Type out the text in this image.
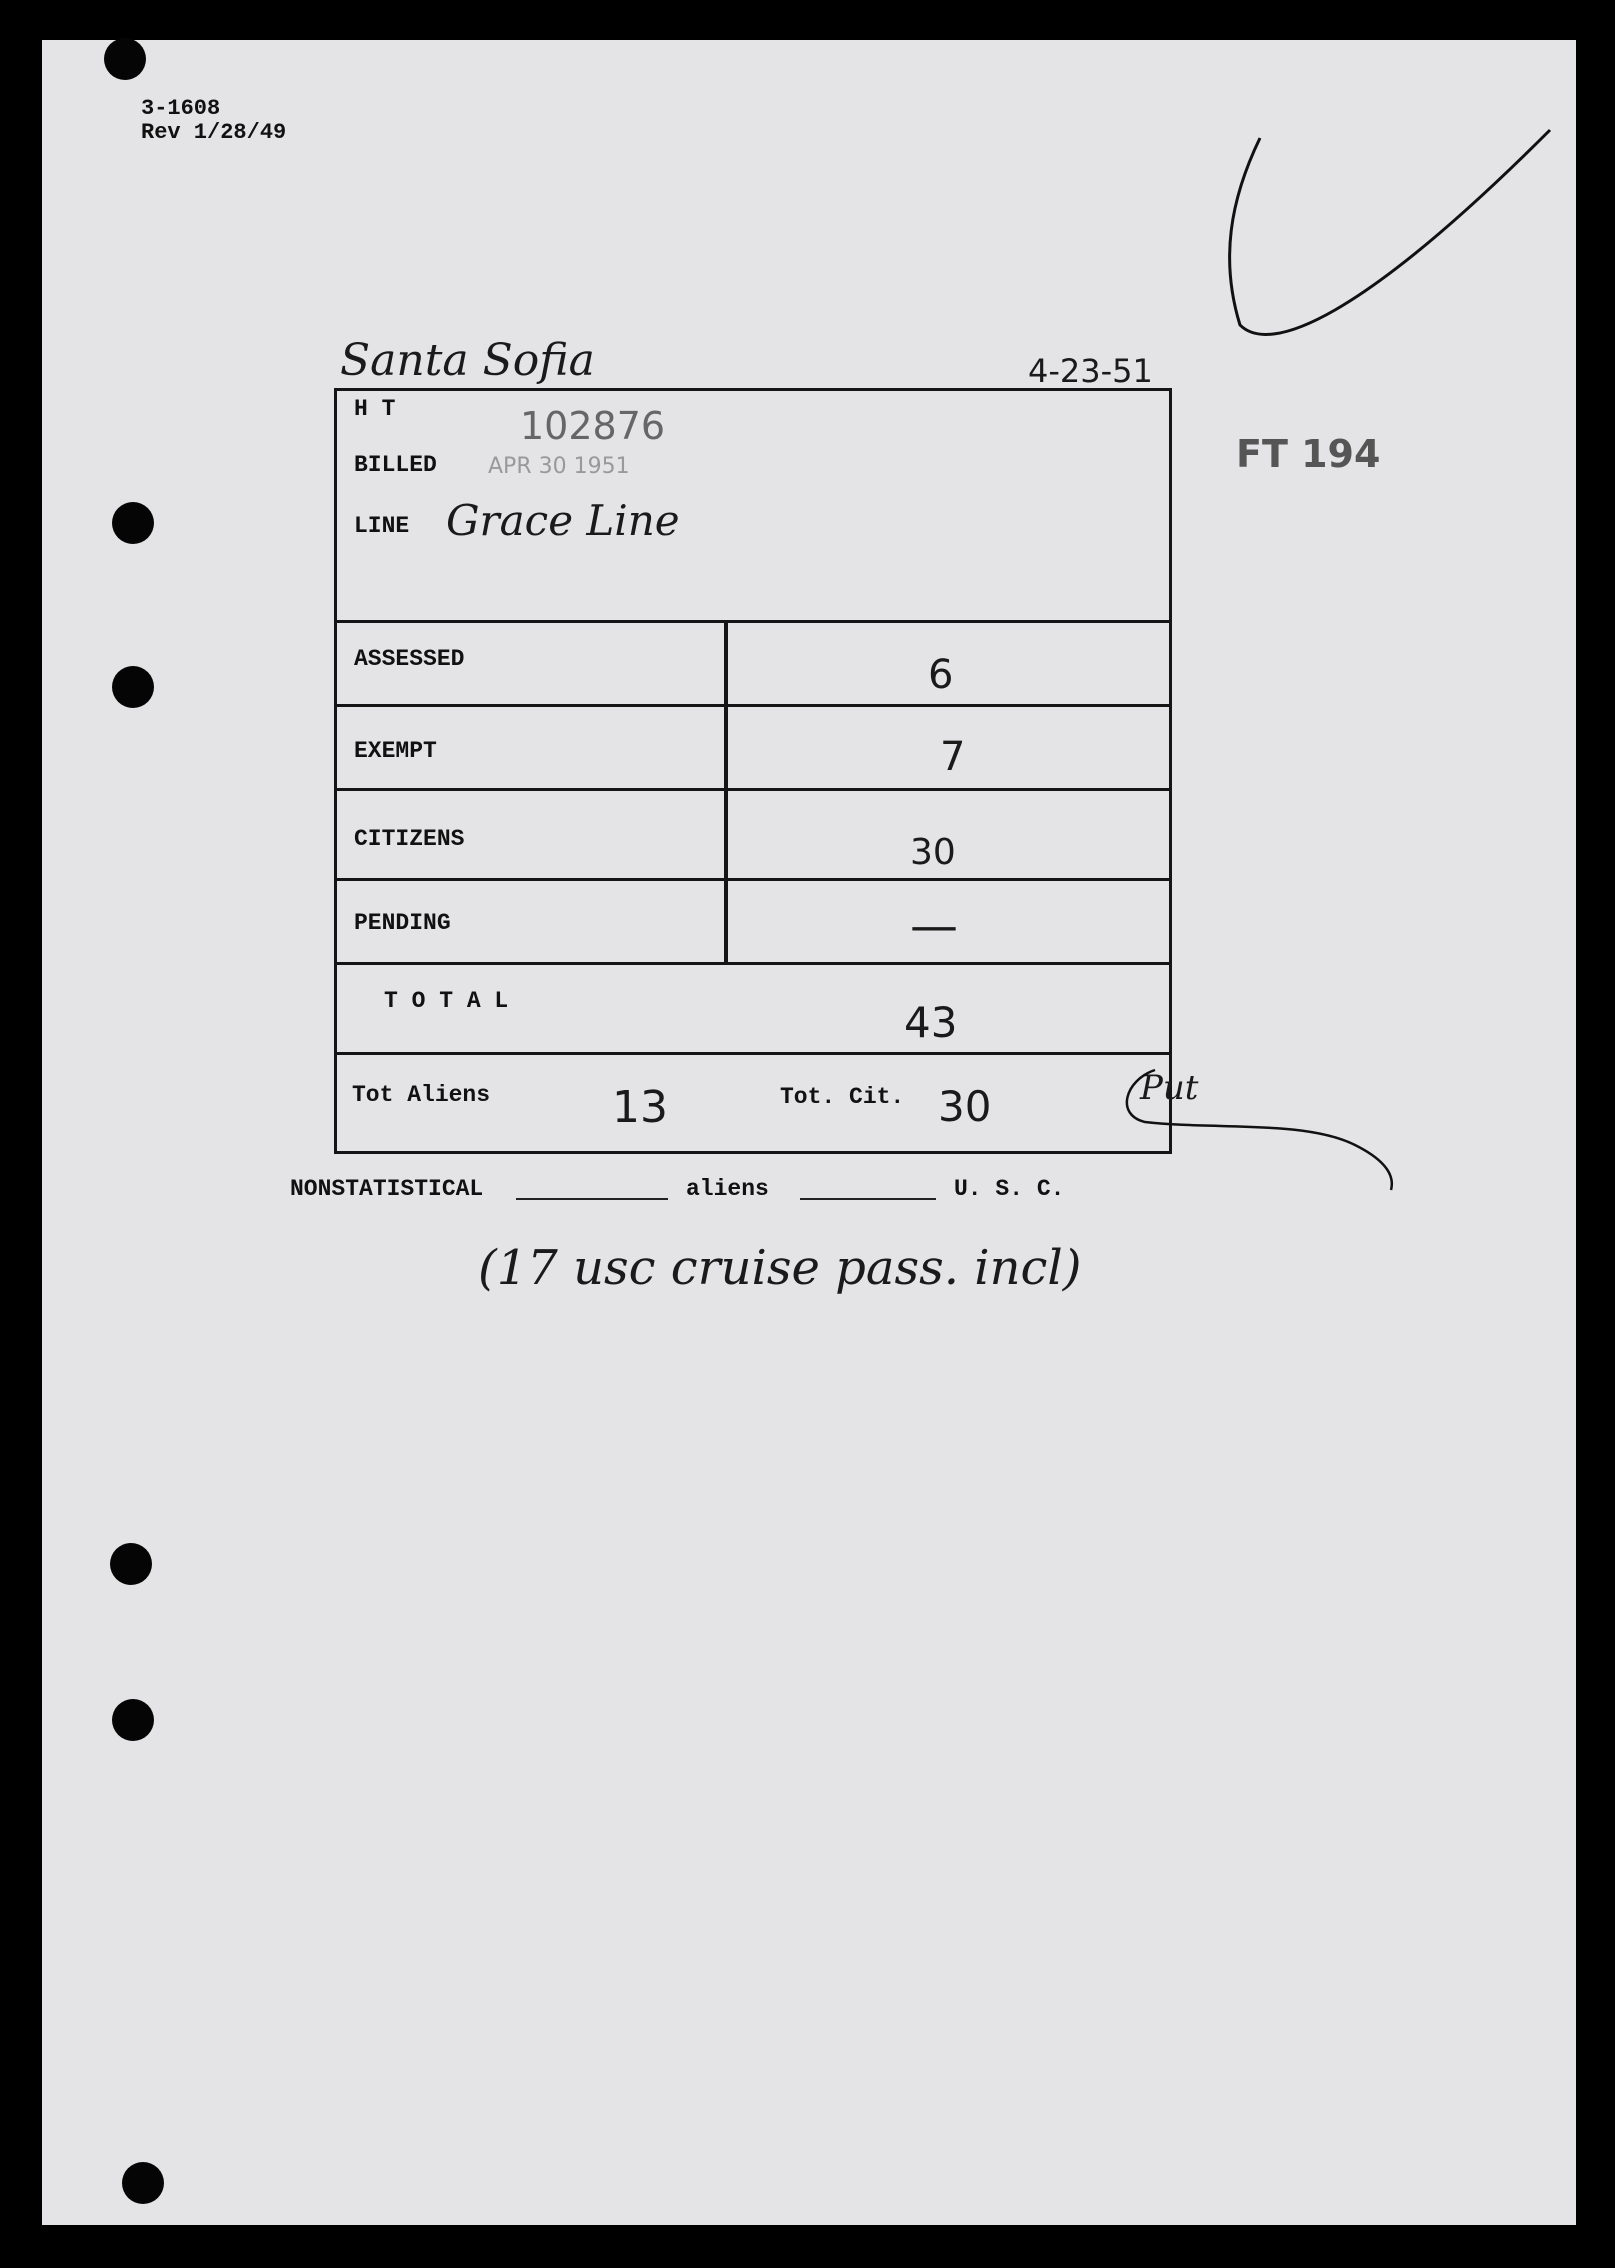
3-1608
Rev 1/28/49
Santa Sofia	4-23-51
FT 194
H T	102876
BILLED APR 30 1951
LINE Grace Line
ASSESSED	6
EXEMPT	7
CITIZENS	30
PENDING	—
T O T A L	43
Tot Aliens	13	Tot. Cit. 30	Put
NONSTATISTICAL	aliens	U. S. C.
(17 usc cruise pass. incl)
